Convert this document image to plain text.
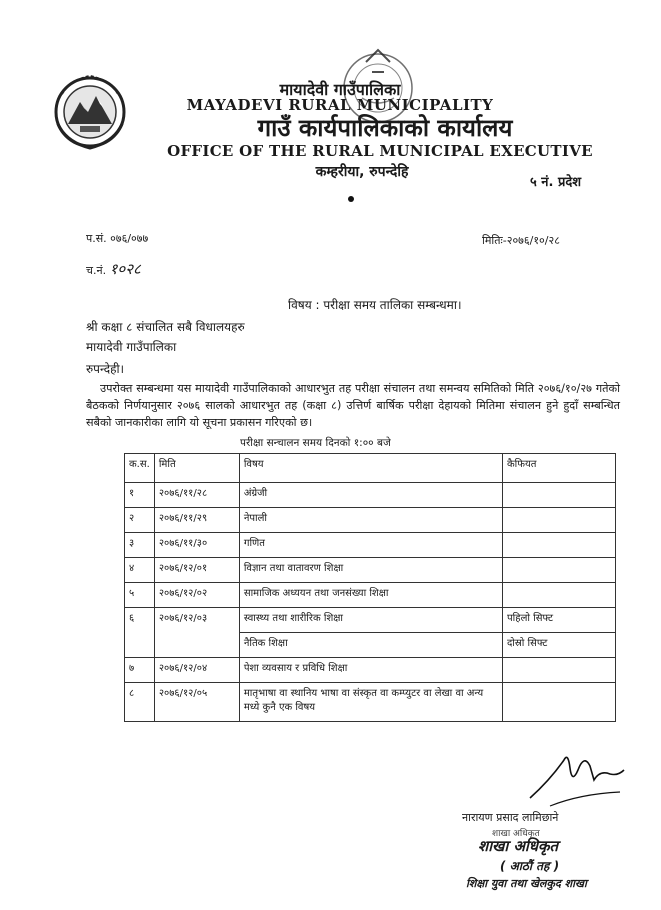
मायादेवी गाउँपालिका
MAYADEVI RURAL MUNICIPALITY
गाउँ कार्यपालिकाको कार्यालय
OFFICE OF THE RURAL MUNICIPAL EXECUTIVE
कम्हरीया, रुपन्देहि
५ नं. प्रदेश
प.सं. ०७६/०७७	मितिः-२०७६/१०/२८
च.नं. १०२८
विषय : परीक्षा समय तालिका सम्बन्धमा।
श्री कक्षा ८ संचालित सबै विधालयहरु
मायादेवी गाउँपालिका
रुपन्देही।
उपरोक्त सम्बन्धमा यस मायादेवी गाउँपालिकाको आधारभुत तह परीक्षा संचालन तथा समन्वय समितिको मिति २०७६/१०/२७ गतेको बैठकको निर्णयानुसार २०७६ सालको आधारभुत तह (कक्षा ८) उत्तिर्ण बार्षिक परीक्षा देहायको मितिमा संचालन हुने हुदाँ सम्बन्धित सबैको जानकारीका लागि यो सूचना प्रकासन गरिएको छ।
परीक्षा सन्चालन समय दिनको १:०० बजे
क.स.	मिति	विषय	कैफियत
१	२०७६/११/२८	अंग्रेजी	
२	२०७६/११/२९	नेपाली	
३	२०७६/११/३०	गणित	
४	२०७६/१२/०१	विज्ञान तथा वातावरण शिक्षा	
५	२०७६/१२/०२	सामाजिक अध्ययन तथा जनसंख्या शिक्षा	
६	२०७६/१२/०३	स्वास्थ्य तथा शारीरिक शिक्षा	पहिलो सिफ्ट
		नैतिक शिक्षा	दोस्रो सिफ्ट
७	२०७६/१२/०४	पेशा व्यवसाय र प्रविधि शिक्षा	
८	२०७६/१२/०५	मातृभाषा वा स्थानिय भाषा वा संस्कृत वा कम्प्युटर वा लेखा वा अन्य मध्ये कुनै एक विषय	
नारायण प्रसाद लामिछाने
शाखा अधिकृत
शाखा अधिकृत
( आठौं तह )
शिक्षा युवा तथा खेलकुद शाखा
